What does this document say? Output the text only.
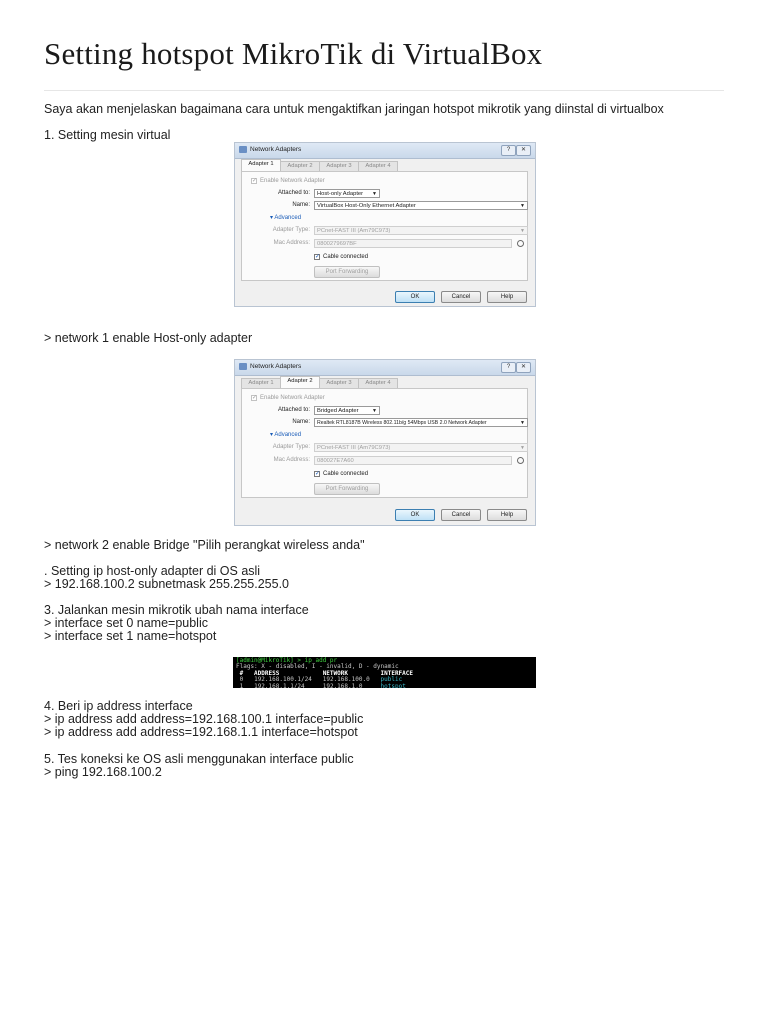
Setting hotspot MikroTik di VirtualBox
Saya akan menjelaskan bagaimana cara untuk mengaktifkan jaringan hotspot mikrotik yang diinstal di virtualbox
1. Setting mesin virtual
Network Adapters	?	✕
Adapter 1	Adapter 2	Adapter 3	Adapter 4
✓ Enable Network Adapter
Attached to:	Host-only Adapter ▼
Name:	VirtualBox Host-Only Ethernet Adapter	▼
▾ Advanced
Adapter Type:	PCnet-FAST III (Am79C973)	▼
Mac Address:	0800279697BF
✓ Cable connected
Port Forwarding
OK	Cancel	Help
> network 1 enable Host-only adapter
Network Adapters	?	✕
Adapter 1	Adapter 2	Adapter 3	Adapter 4
✓ Enable Network Adapter
Attached to:	Bridged Adapter	▼
Name:	Realtek RTL8187B Wireless 802.11b/g 54Mbps USB 2.0 Network Adapter	▼
▾ Advanced
Adapter Type:	PCnet-FAST III (Am79C973)	▼
Mac Address:	080027E7A60
✓ Cable connected
Port Forwarding
OK	Cancel	Help
> network 2 enable Bridge "Pilih perangkat wireless anda"
. Setting ip host-only adapter di OS asli
> 192.168.100.2 subnetmask 255.255.255.0
3. Jalankan mesin mikrotik ubah nama interface
> interface set 0 name=public
> interface set 1 name=hotspot
[admin@MikroTik] > ip add pr
Flags: X - disabled, I - invalid, D - dynamic
#   ADDRESS            NETWORK         INTERFACE
0 192.168.100.1/24 192.168.100.0 public
1 192.168.1.1/24	192.168.1.0	hotspot
4. Beri ip address interface
> ip address add address=192.168.100.1 interface=public
> ip address add address=192.168.1.1 interface=hotspot
5. Tes koneksi ke OS asli menggunakan interface public
> ping 192.168.100.2
